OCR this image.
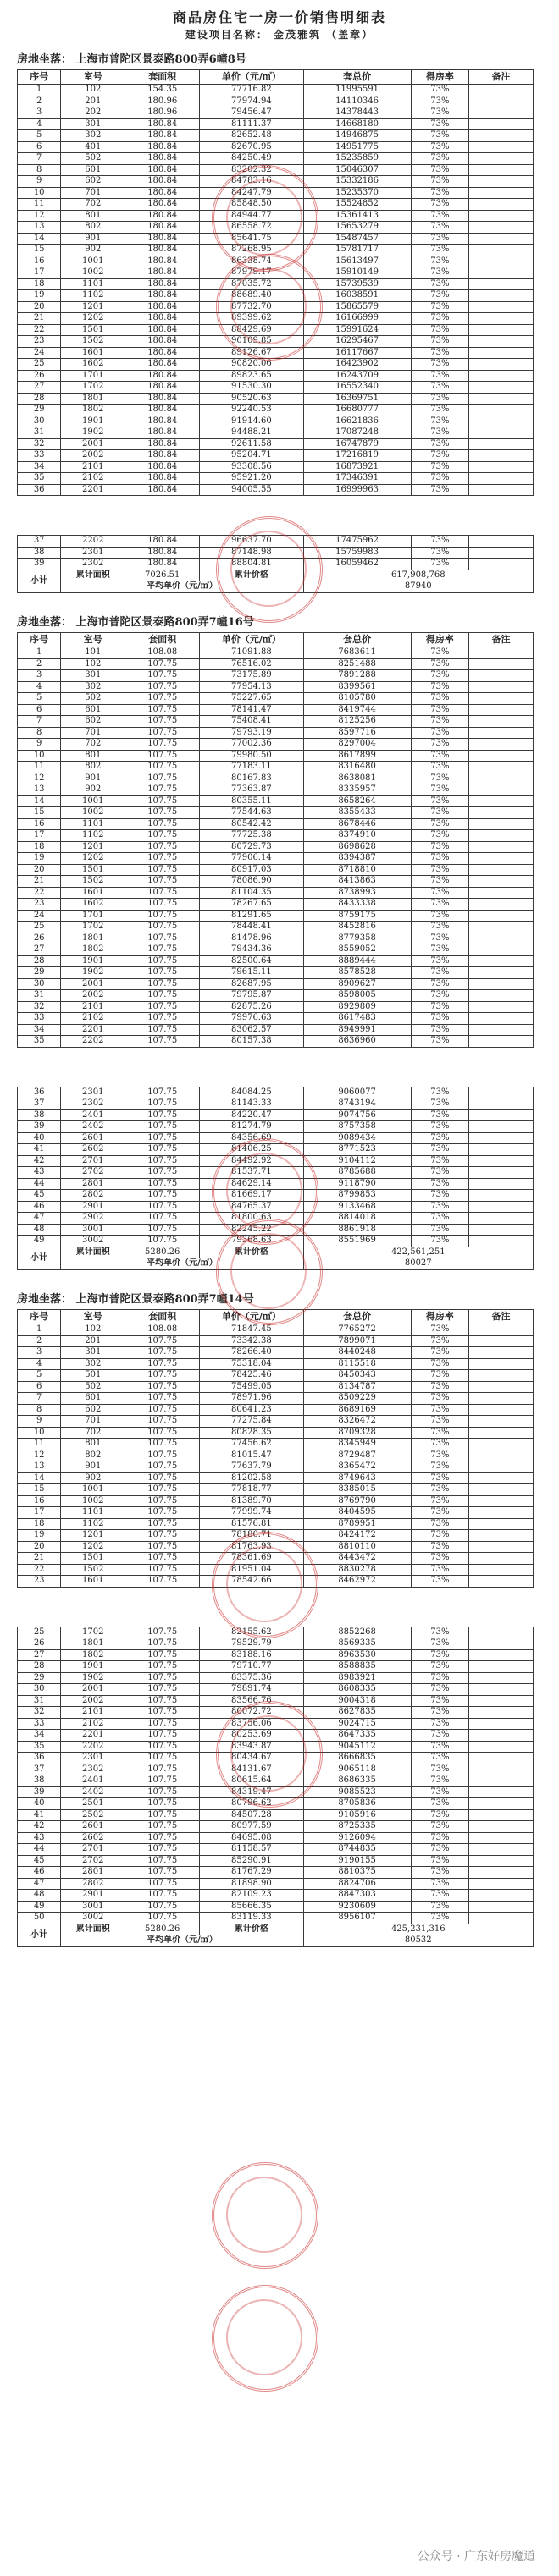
商品房住宅一房一价销售明细表
建设项目名称： 金茂雅筑 （盖章）
房地坐落： 上海市普陀区景泰路800弄6幢8号
序号	室号	套面积	单价（元/㎡）	套总价	得房率	备注
1	102	154.35	77716.82	11995591	73%	
2	201	180.96	77974.94	14110346	73%	
3	202	180.96	79456.47	14378443	73%	
4	301	180.84	81111.37	14668180	73%	
5	302	180.84	82652.48	14946875	73%	
6	401	180.84	82670.95	14951775	73%	
7	502	180.84	84250.49	15235859	73%	
8	601	180.84	83202.32	15046307	73%	
9	602	180.84	84783.16	15332186	73%	
10	701	180.84	84247.79	15235370	73%	
11	702	180.84	85848.50	15524852	73%	
12	801	180.84	84944.77	15361413	73%	
13	802	180.84	86558.72	15653279	73%	
14	901	180.84	85641.75	15487457	73%	
15	902	180.84	87268.95	15781717	73%	
16	1001	180.84	86338.74	15613497	73%	
17	1002	180.84	87979.17	15910149	73%	
18	1101	180.84	87035.72	15739539	73%	
19	1102	180.84	88689.40	16038591	73%	
20	1201	180.84	87732.70	15865579	73%	
21	1202	180.84	89399.62	16166999	73%	
22	1501	180.84	88429.69	15991624	73%	
23	1502	180.84	90109.85	16295467	73%	
24	1601	180.84	89126.67	16117667	73%	
25	1602	180.84	90820.06	16423902	73%	
26	1701	180.84	89823.65	16243709	73%	
27	1702	180.84	91530.30	16552340	73%	
28	1801	180.84	90520.63	16369751	73%	
29	1802	180.84	92240.53	16680777	73%	
30	1901	180.84	91914.60	16621836	73%	
31	1902	180.84	94488.21	17087248	73%	
32	2001	180.84	92611.58	16747879	73%	
33	2002	180.84	95204.71	17216819	73%	
34	2101	180.84	93308.56	16873921	73%	
35	2102	180.84	95921.20	17346391	73%	
36	2201	180.84	94005.55	16999963	73%	
37	2202	180.84	96637.70	17475962	73%	
38	2301	180.84	87148.98	15759983	73%	
39	2302	180.84	88804.81	16059462	73%	
小计	累计面积	7026.51	累计价格	617,908,768		
	平均单价（元/㎡）			87940		
房地坐落： 上海市普陀区景泰路800弄7幢16号
序号	室号	套面积	单价（元/㎡）	套总价	得房率	备注
1	101	108.08	71091.88	7683611	73%	
2	102	107.75	76516.02	8251488	73%	
3	301	107.75	73175.89	7891288	73%	
4	302	107.75	77954.13	8399561	73%	
5	502	107.75	75227.65	8105780	73%	
6	601	107.75	78141.47	8419744	73%	
7	602	107.75	75408.41	8125256	73%	
8	701	107.75	79793.19	8597716	73%	
9	702	107.75	77002.36	8297004	73%	
10	801	107.75	79980.50	8617899	73%	
11	802	107.75	77183.11	8316480	73%	
12	901	107.75	80167.83	8638081	73%	
13	902	107.75	77363.87	8335957	73%	
14	1001	107.75	80355.11	8658264	73%	
15	1002	107.75	77544.63	8355433	73%	
16	1101	107.75	80542.42	8678446	73%	
17	1102	107.75	77725.38	8374910	73%	
18	1201	107.75	80729.73	8698628	73%	
19	1202	107.75	77906.14	8394387	73%	
20	1501	107.75	80917.03	8718810	73%	
21	1502	107.75	78086.90	8413863	73%	
22	1601	107.75	81104.35	8738993	73%	
23	1602	107.75	78267.65	8433338	73%	
24	1701	107.75	81291.65	8759175	73%	
25	1702	107.75	78448.41	8452816	73%	
26	1801	107.75	81478.96	8779358	73%	
27	1802	107.75	79434.36	8559052	73%	
28	1901	107.75	82500.64	8889444	73%	
29	1902	107.75	79615.11	8578528	73%	
30	2001	107.75	82687.95	8909627	73%	
31	2002	107.75	79795.87	8598005	73%	
32	2101	107.75	82875.26	8929809	73%	
33	2102	107.75	79976.63	8617483	73%	
34	2201	107.75	83062.57	8949991	73%	
35	2202	107.75	80157.38	8636960	73%	
36	2301	107.75	84084.25	9060077	73%	
37	2302	107.75	81143.33	8743194	73%	
38	2401	107.75	84220.47	9074756	73%	
39	2402	107.75	81274.79	8757358	73%	
40	2601	107.75	84356.69	9089434	73%	
41	2602	107.75	81406.25	8771523	73%	
42	2701	107.75	84492.92	9104112	73%	
43	2702	107.75	81537.71	8785688	73%	
44	2801	107.75	84629.14	9118790	73%	
45	2802	107.75	81669.17	8799853	73%	
46	2901	107.75	84765.37	9133468	73%	
47	2902	107.75	81800.63	8814018	73%	
48	3001	107.75	82245.22	8861918	73%	
49	3002	107.75	79368.63	8551969	73%	
小计	累计面积	5280.26	累计价格	422,561,251		
	平均单价（元/㎡）			80027		
房地坐落： 上海市普陀区景泰路800弄7幢14号
序号	室号	套面积	单价（元/㎡）	套总价	得房率	备注
1	102	108.08	71847.45	7765272	73%	
2	201	107.75	73342.38	7899071	73%	
3	301	107.75	78266.40	8440248	73%	
4	302	107.75	75318.04	8115518	73%	
5	501	107.75	78425.46	8450343	73%	
6	502	107.75	75499.05	8134787	73%	
7	601	107.75	78971.96	8509229	73%	
8	602	107.75	80641.23	8689169	73%	
9	701	107.75	77275.84	8326472	73%	
10	702	107.75	80828.35	8709328	73%	
11	801	107.75	77456.62	8345949	73%	
12	802	107.75	81015.47	8729487	73%	
13	901	107.75	77637.79	8365472	73%	
14	902	107.75	81202.58	8749643	73%	
15	1001	107.75	77818.77	8385015	73%	
16	1002	107.75	81389.70	8769790	73%	
17	1101	107.75	77999.74	8404595	73%	
18	1102	107.75	81576.81	8789951	73%	
19	1201	107.75	78180.71	8424172	73%	
20	1202	107.75	81763.93	8810110	73%	
21	1501	107.75	78361.69	8443472	73%	
22	1502	107.75	81951.04	8830278	73%	
23	1601	107.75	78542.66	8462972	73%	
25	1702	107.75	82155.62	8852268	73%	
26	1801	107.75	79529.79	8569335	73%	
27	1802	107.75	83188.16	8963530	73%	
28	1901	107.75	79710.77	8588835	73%	
29	1902	107.75	83375.36	8983921	73%	
30	2001	107.75	79891.74	8608335	73%	
31	2002	107.75	83566.76	9004318	73%	
32	2101	107.75	80072.72	8627835	73%	
33	2102	107.75	83756.06	9024715	73%	
34	2201	107.75	80253.69	8647335	73%	
35	2202	107.75	83943.87	9045112	73%	
36	2301	107.75	80434.67	8666835	73%	
37	2302	107.75	84131.67	9065118	73%	
38	2401	107.75	80615.64	8686335	73%	
39	2402	107.75	84319.47	9085523	73%	
40	2501	107.75	80796.62	8705836	73%	
41	2502	107.75	84507.28	9105916	73%	
42	2601	107.75	80977.59	8725335	73%	
43	2602	107.75	84695.08	9126094	73%	
44	2701	107.75	81158.57	8744835	73%	
45	2702	107.75	85290.91	9190155	73%	
46	2801	107.75	81767.29	8810375	73%	
47	2802	107.75	81898.90	8824706	73%	
48	2901	107.75	82109.23	8847303	73%	
49	3001	107.75	85666.35	9230609	73%	
50	3002	107.75	83119.33	8956107	73%	
小计	累计面积	5280.26	累计价格	425,231,316		
	平均单价（元/㎡）			80532		
公众号 · 广东好房魔道
